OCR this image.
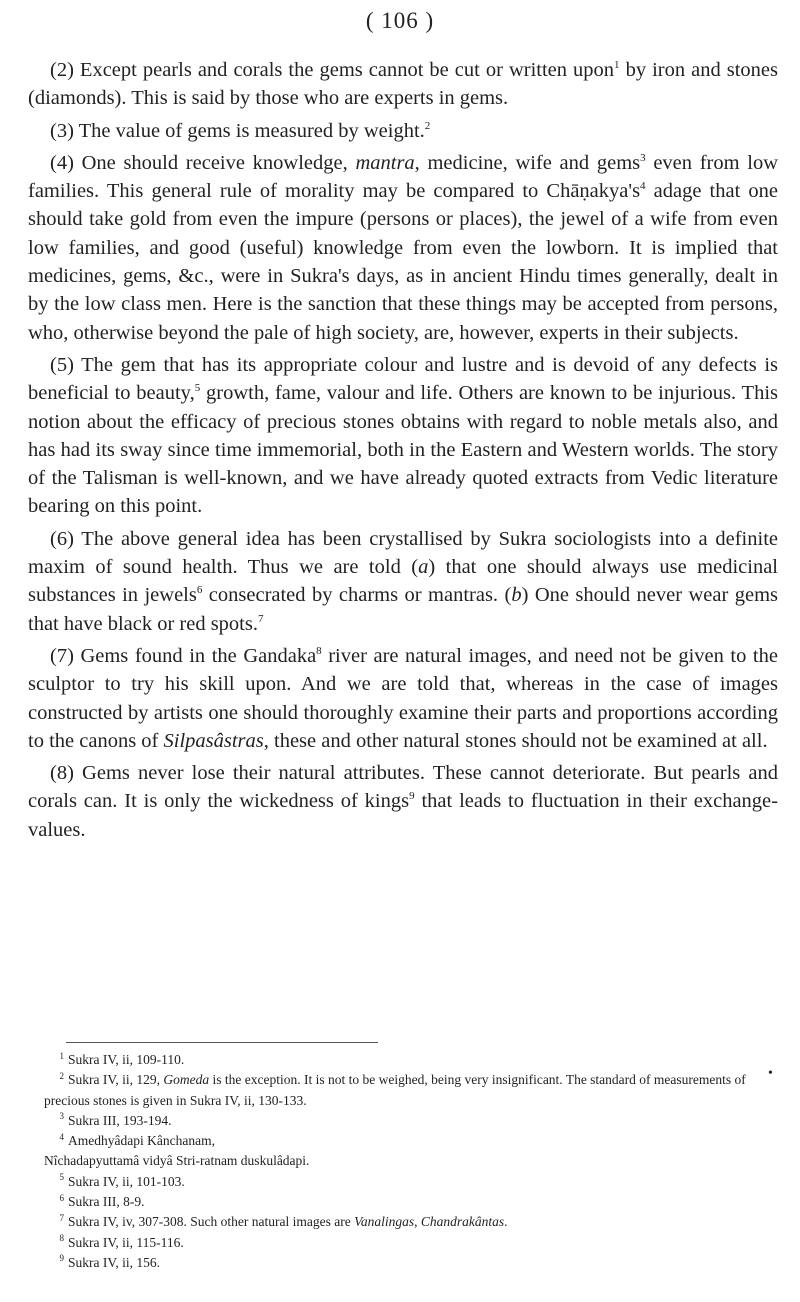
( 106 )

(2) Except pearls and corals the gems cannot be cut or written upon$^1$ by iron and stones (diamonds). This is said by those who are experts in gems.

(3) The value of gems is measured by weight.$^2$

(4) One should receive knowledge, mantra, medicine, wife and gems$^3$ even from low families. This general rule of morality may be compared to $Chāṇakya's^4$ adage that one should take gold from even the impure (persons or places), the jewel of a wife from even low families, and good (useful) knowledge from even the lowborn. It is implied that medicines, gems, &c., were in Sukra's days, as in ancient Hindu times generally, dealt in by the low class men. Here is the sanction that these things may be accepted from persons, who, otherwise beyond the pale of high society, are, however, experts in their subjects.

(5) The gem that has its appropriate colour and lustre and is devoid of any defects is beneficial to beauty,$^5$ growth, fame, valour and life. Others are known to be injurious. This notion about the efficacy of precious stones obtains with regard to noble metals also, and has had its sway since time immemorial, both in the Eastern and Western worlds. The story of the Talisman is well-known, and we have already quoted extracts from Vedic literature bearing on this point.

(6) The above general idea has been crystallised by Sukra sociologists into a definite maxim of sound health. Thus we are told (a) that one should always use medicinal substances in jewels$^6$ consecrated by charms or mantras. (b) One should never wear gems that have black or red spots.$^7$

(7) Gems found in the Gandaka$^8$ river are natural images, and need not be given to the sculptor to try his skill upon. And we are told that, whereas in the case of images constructed by artists one should thoroughly examine their parts and proportions according to the canons of Silpasâstras, these and other natural stones should not be examined at all.

(8) Gems never lose their natural attributes. These cannot deteriorate. But pearls and corals can. It is only the wickedness of kings$^9$ that leads to fluctuation in their exchange-values.

1 Sukra IV, ii, 109-110.
2 Sukra IV, ii, 129, Gomeda is the exception. It is not to be weighed, being very insignificant. The standard of measurements of precious stones is given in Sukra IV, ii, 130-133.
3 Sukra III, 193-194.
4 Amedhyâdapi Kânchanam,
Nîchadapyuttamâ vidyâ Stri-ratnam duskulâdapi.
5 Sukra IV, ii, 101-103.
6 Sukra III, 8-9.
7 Sukra IV, iv, 307-308. Such other natural images are Vanalingas, Chandrakântas.
8 Sukra IV, ii, 115-116.
9 Sukra IV, ii, 156.
•
